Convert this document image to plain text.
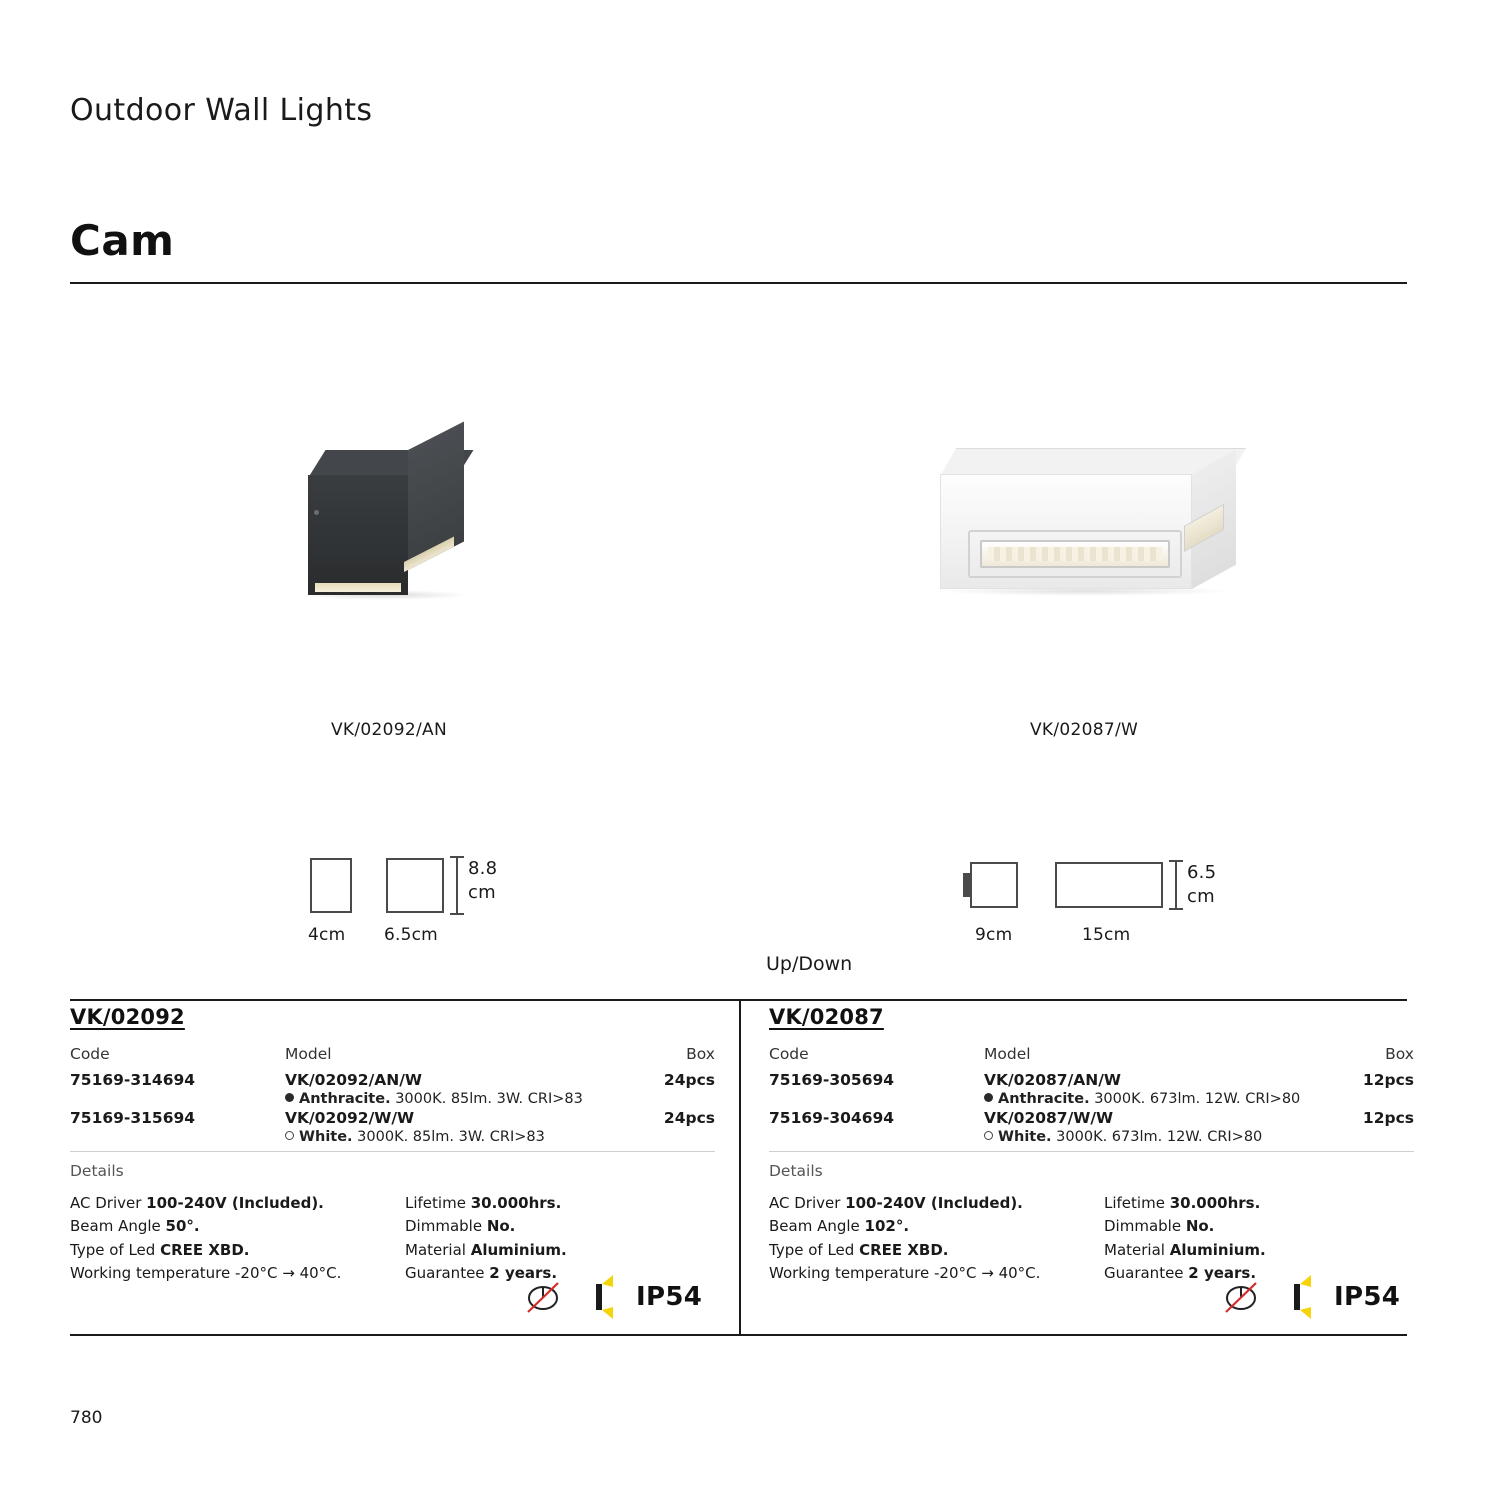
Outdoor Wall Lights
Cam
VK/02092/AN	VK/02087/W
4cm 6.5cm
8.8
cm
9cm	15cm
6.5
cm
Up/Down
VK/02092
Code	Model	Box
75169-314694	VK/02092/AN/W	24pcs
	Anthracite. 3000K. 85lm. 3W. CRI>83	
75169-315694	VK/02092/W/W	24pcs
	White. 3000K. 85lm. 3W. CRI>83	
Details
AC Driver 100-240V (Included).
Beam Angle 50°.
Type of Led CREE XBD.
Working temperature -20°C → 40°C.
Lifetime 30.000hrs.
Dimmable No.
Material Aluminium.
Guarantee 2 years.
VK/02087
Code	Model	Box
75169-305694	VK/02087/AN/W	12pcs
	Anthracite. 3000K. 673lm. 12W. CRI>80	
75169-304694	VK/02087/W/W	12pcs
	White. 3000K. 673lm. 12W. CRI>80	
Details
AC Driver 100-240V (Included).
Beam Angle 102°.
Type of Led CREE XBD.
Working temperature -20°C → 40°C.
Lifetime 30.000hrs.
Dimmable No.
Material Aluminium.
Guarantee 2 years.
IP54	IP54
780
